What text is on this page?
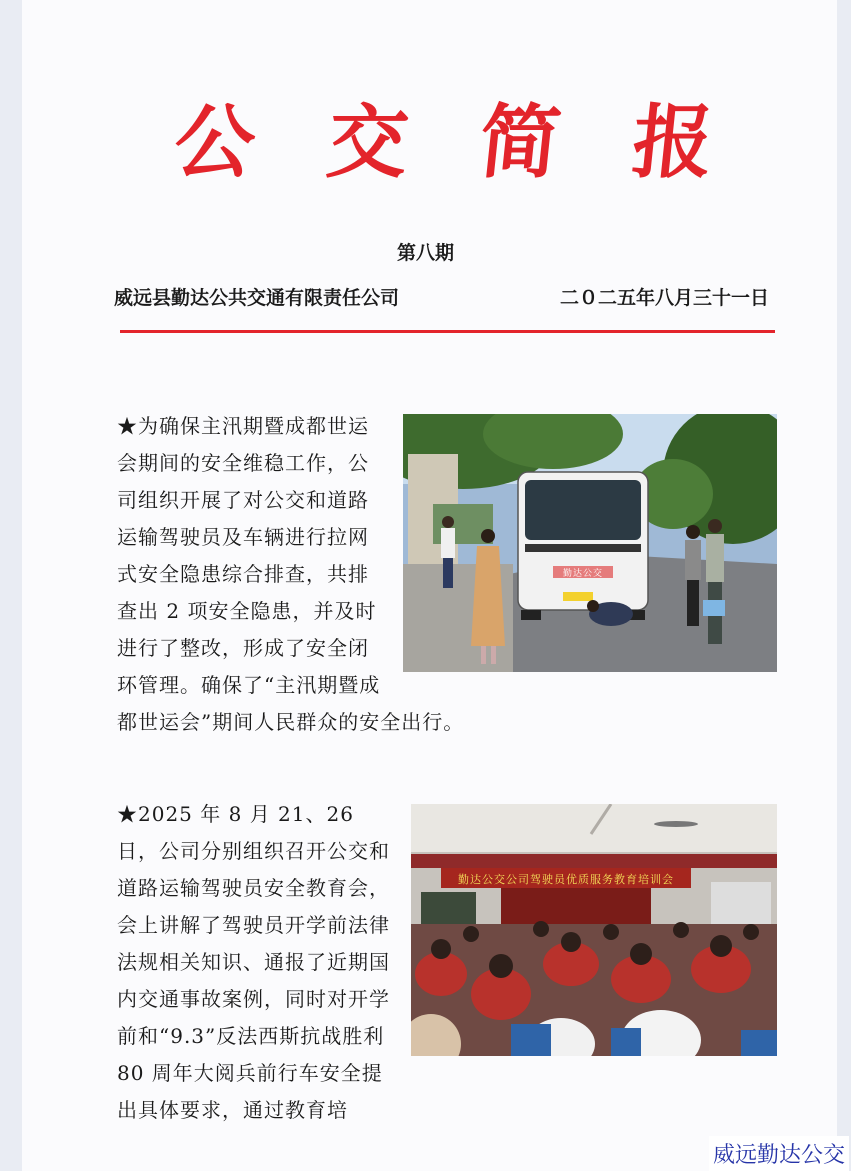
公 交 简 报
第八期
威远县勤达公共交通有限责任公司	二０二五年八月三十一日
勤达公交
★为确保主汛期暨成都世运会期间的安全维稳工作，公司组织开展了对公交和道路运输驾驶员及车辆进行拉网式安全隐患综合排查，共排查出 2 项安全隐患，并及时进行了整改，形成了安全闭环管理。确保了“主汛期暨成都世运会”期间人民群众的安全出行。
勤达公交公司驾驶员优质服务教育培训会
★2025 年 8 月 21、26 日，公司分别组织召开公交和道路运输驾驶员安全教育会，会上讲解了驾驶员开学前法律法规相关知识、通报了近期国内交通事故案例，同时对开学前和“9.3”反法西斯抗战胜利 80 周年大阅兵前行车安全提出具体要求，通过教育培
威远勤达公交
